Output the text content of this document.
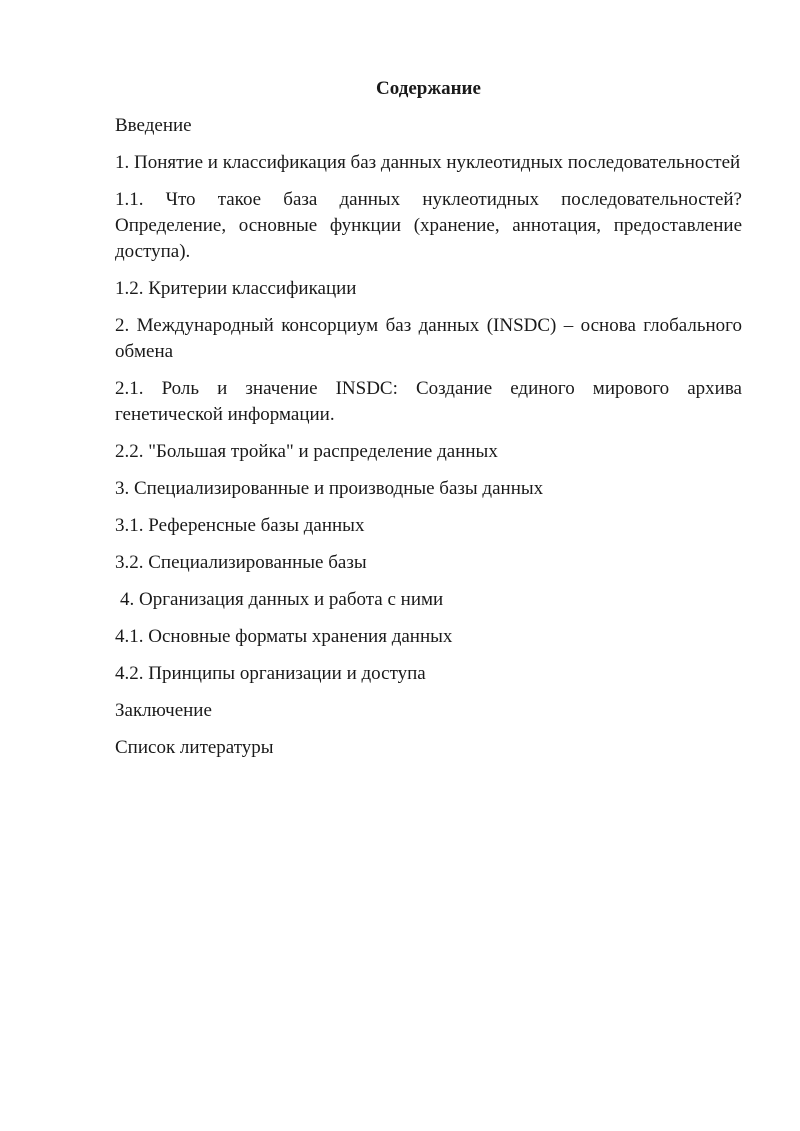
Содержание
Введение
1. Понятие и классификация баз данных нуклеотидных последовательностей
1.1. Что такое база данных нуклеотидных последовательностей? Определение, основные функции (хранение, аннотация, предоставление доступа).
1.2. Критерии классификации
2. Международный консорциум баз данных (INSDC) – основа глобального обмена
2.1. Роль и значение INSDC: Создание единого мирового архива генетической информации.
2.2. "Большая тройка" и распределение данных
3. Специализированные и производные базы данных
3.1. Референсные базы данных
3.2. Специализированные базы
4. Организация данных и работа с ними
4.1. Основные форматы хранения данных
4.2. Принципы организации и доступа
Заключение
Список литературы
